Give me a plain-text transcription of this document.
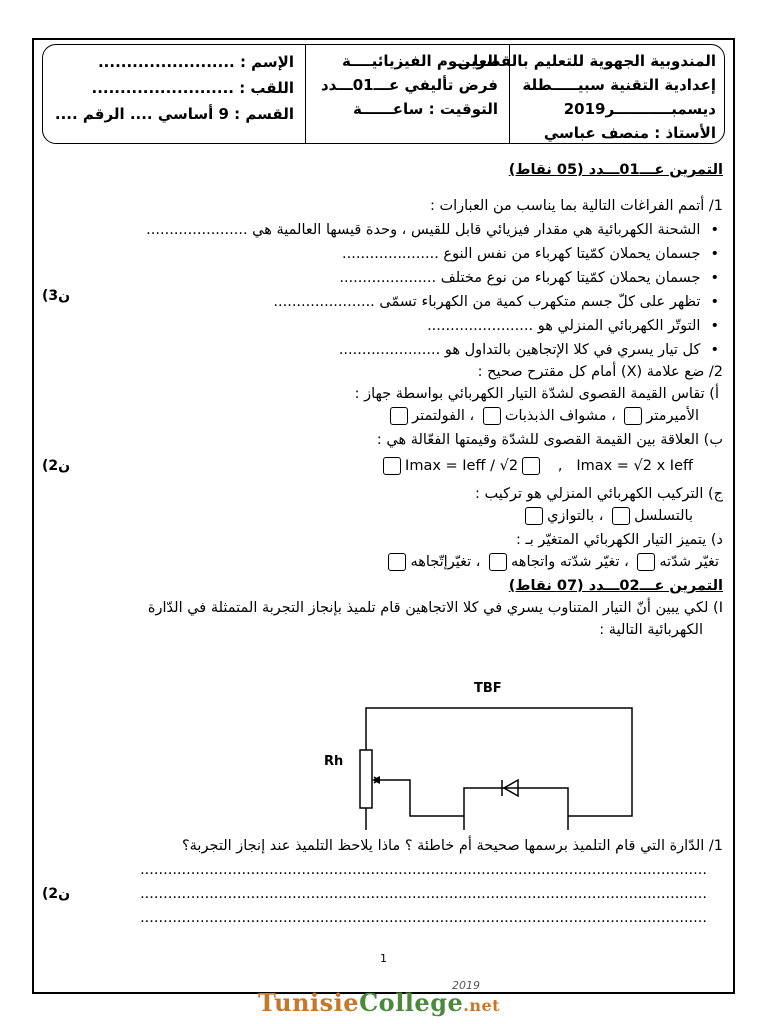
المندوبية الجهوية للتعليم بالقصرين
إعدادية التقنية سبيـــــطلة
ديسمبـــــــــــر2019
الأستاذ : منصف عباسي
العلـــوم الفيزيائيــــة
فرض تأليفي عـــ01ـــدد
التوقيت : ساعــــــة
الإسم : ........................
اللقب : .........................
القسم : 9 أساسي .... الرقم ....
التمرين عـــ01ـــدد (05 نقاط)
1/ أتمم الفراغات التالية بما يناسب من العبارات :
• الشحنة الكهربائية هي مقدار فيزيائي قابل للقيس ، وحدة قيسها العالمية هي ......................
• جسمان يحملان كمّيتا كهرباء من نفس النوع .....................
• جسمان يحملان كمّيتا كهرباء من نوع مختلف .....................
• تظهر على كلّ جسم متكهرب كمية من الكهرباء تسمّى ......................
• التوتّر الكهربائي المنزلي هو .......................
• كل تيار يسري في كلا الإتجاهين بالتداول هو ......................
(3ن
2/ ضع علامة (X) أمام كل مقترح صحيح :
أ) تقاس القيمة القصوى لشدّة التيار الكهربائي بواسطة جهاز :
الأميرمتر ، مشواف الذبذبات ، الفولتمتر
ب) العلاقة بين القيمة القصوى للشدّة وقيمتها الفعّالة هي :
Imax = Ieff / √2   ,   Imax = √2 x Ieff
(2ن
ج) التركيب الكهربائي المنزلي هو تركيب :
بالتسلسل ، بالتوازي
د) يتميز التيار الكهربائي المتغيّر بـ :
تغيّر شدّته ، تغيّر شدّته واتجاهه ، تغيّرإتّجاهه
التمرين عـــ02ـــدد (07 نقاط)
I) لكي يبين أنّ التيار المتناوب يسري في كلا الاتجاهين قام تلميذ بإنجاز التجربة المتمثلة في الدّارة
الكهربائية التالية :
1/ الدّارة التي قام التلميذ برسمها صحيحة أم خاطئة ؟ ماذا يلاحظ التلميذ عند إنجاز التجربة؟
...........................................................................................................................
...........................................................................................................................
...........................................................................................................................
(2ن
TBF
Rh
1
2019
TunisieCollege.net
